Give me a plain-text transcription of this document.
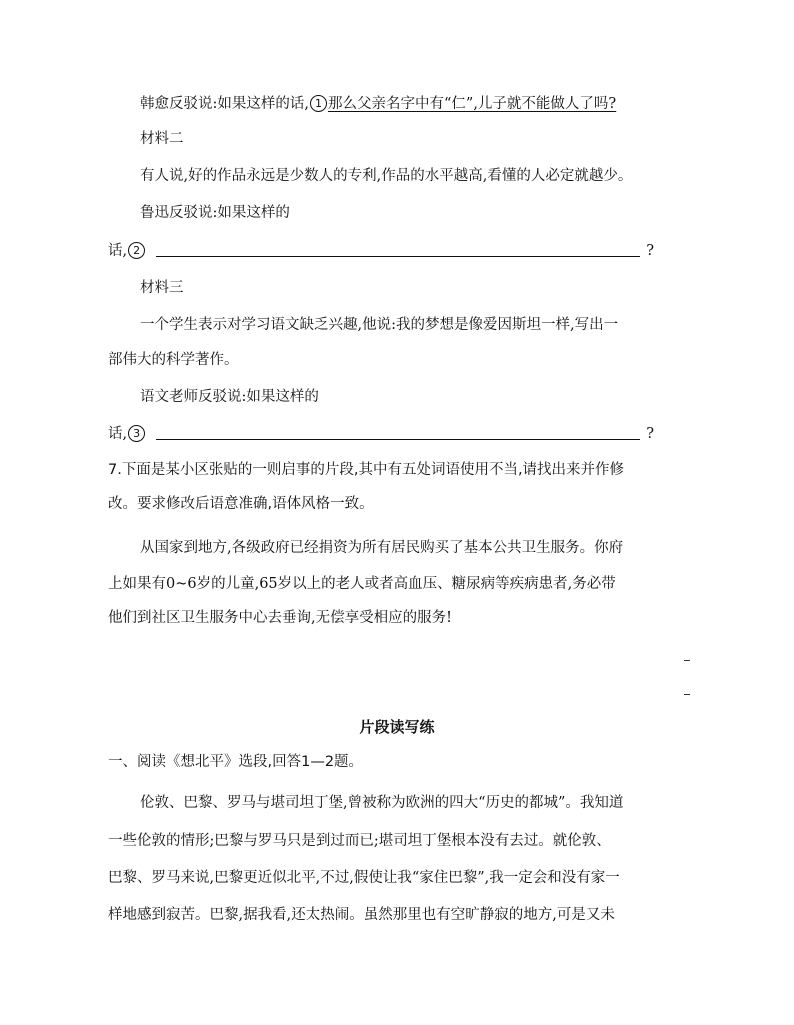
韩愈反驳说:如果这样的话, 1 那么父亲名字中有“仁”,儿子就不能做人了吗?
材料二
有人说,好的作品永远是少数人的专利,作品的水平越高,看懂的人必定就越少。
鲁迅反驳说:如果这样的
话, 2	?
材料三
一个学生表示对学习语文缺乏兴趣,他说:我的梦想是像爱因斯坦一样,写出一
部伟大的科学著作。
语文老师反驳说:如果这样的
话, 3	?
7.下面是某小区张贴的一则启事的片段,其中有五处词语使用不当,请找出来并作修
改。要求修改后语意准确,语体风格一致。
从国家到地方,各级政府已经捐资为所有居民购买了基本公共卫生服务。你府
上如果有0~6岁的儿童,65岁以上的老人或者高血压、糖尿病等疾病患者,务必带
他们到社区卫生服务中心去垂询,无偿享受相应的服务!
片段读写练
一、阅读《想北平》选段,回答1—2题。
伦敦、巴黎、罗马与堪司坦丁堡,曾被称为欧洲的四大“历史的都城”。我知道
一些伦敦的情形;巴黎与罗马只是到过而已;堪司坦丁堡根本没有去过。就伦敦、
巴黎、罗马来说,巴黎更近似北平,不过,假使让我“家住巴黎”,我一定会和没有家一
样地感到寂苦。巴黎,据我看,还太热闹。虽然那里也有空旷静寂的地方,可是又未
